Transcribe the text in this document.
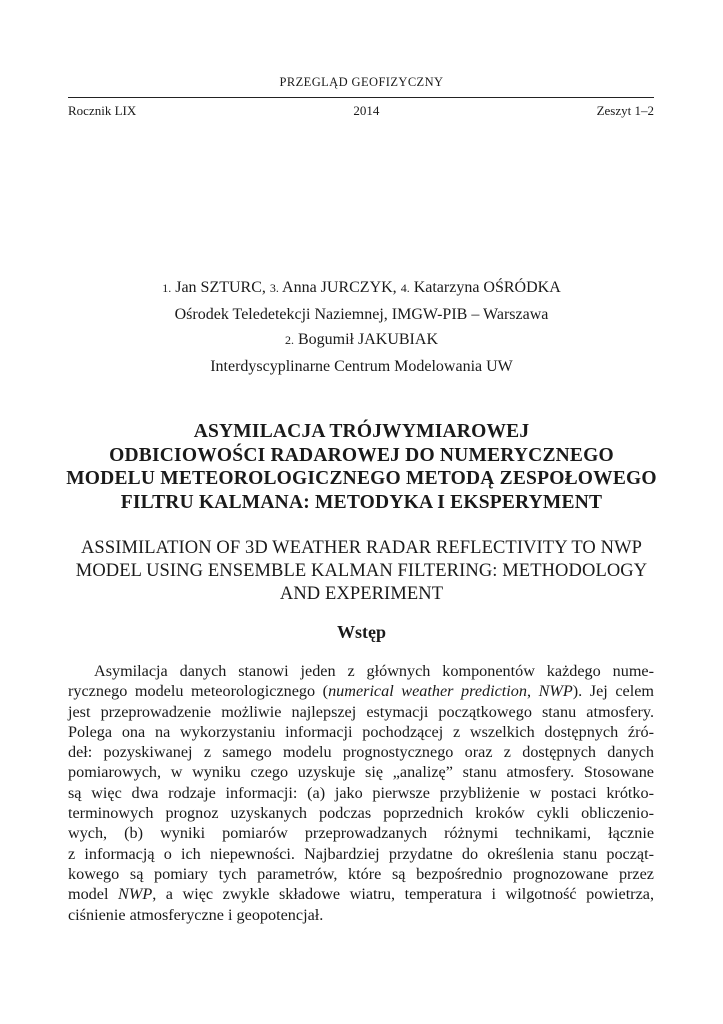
PRZEGLĄD GEOFIZYCZNY
Rocznik LIX	2014	Zeszyt 1–2
1. Jan SZTURC, 3. Anna JURCZYK, 4. Katarzyna OŚRÓDKA
Ośrodek Teledetekcji Naziemnej, IMGW-PIB – Warszawa
2. Bogumił JAKUBIAK
Interdyscyplinarne Centrum Modelowania UW
ASYMILACJA TRÓJWYMIAROWEJ
ODBICIOWOŚCI RADAROWEJ DO NUMERYCZNEGO
MODELU METEOROLOGICZNEGO METODĄ ZESPOŁOWEGO
FILTRU KALMANA: METODYKA I EKSPERYMENT
ASSIMILATION OF 3D WEATHER RADAR REFLECTIVITY TO NWP
MODEL USING ENSEMBLE KALMAN FILTERING: METHODOLOGY
AND EXPERIMENT
Wstęp
Asymilacja danych stanowi jeden z głównych komponentów każdego nume-
rycznego modelu meteorologicznego (numerical weather prediction, NWP). Jej celem
jest przeprowadzenie możliwie najlepszej estymacji początkowego stanu atmosfery.
Polega ona na wykorzystaniu informacji pochodzącej z wszelkich dostępnych źró-
deł: pozyskiwanej z samego modelu prognostycznego oraz z dostępnych danych
pomiarowych, w wyniku czego uzyskuje się „analizę” stanu atmosfery. Stosowane
są więc dwa rodzaje informacji: (a) jako pierwsze przybliżenie w postaci krótko-
terminowych prognoz uzyskanych podczas poprzednich kroków cykli obliczenio-
wych, (b) wyniki pomiarów przeprowadzanych różnymi technikami, łącznie
z informacją o ich niepewności. Najbardziej przydatne do określenia stanu począt-
kowego są pomiary tych parametrów, które są bezpośrednio prognozowane przez
model NWP, a więc zwykle składowe wiatru, temperatura i wilgotność powietrza,
ciśnienie atmosferyczne i geopotencjał.
